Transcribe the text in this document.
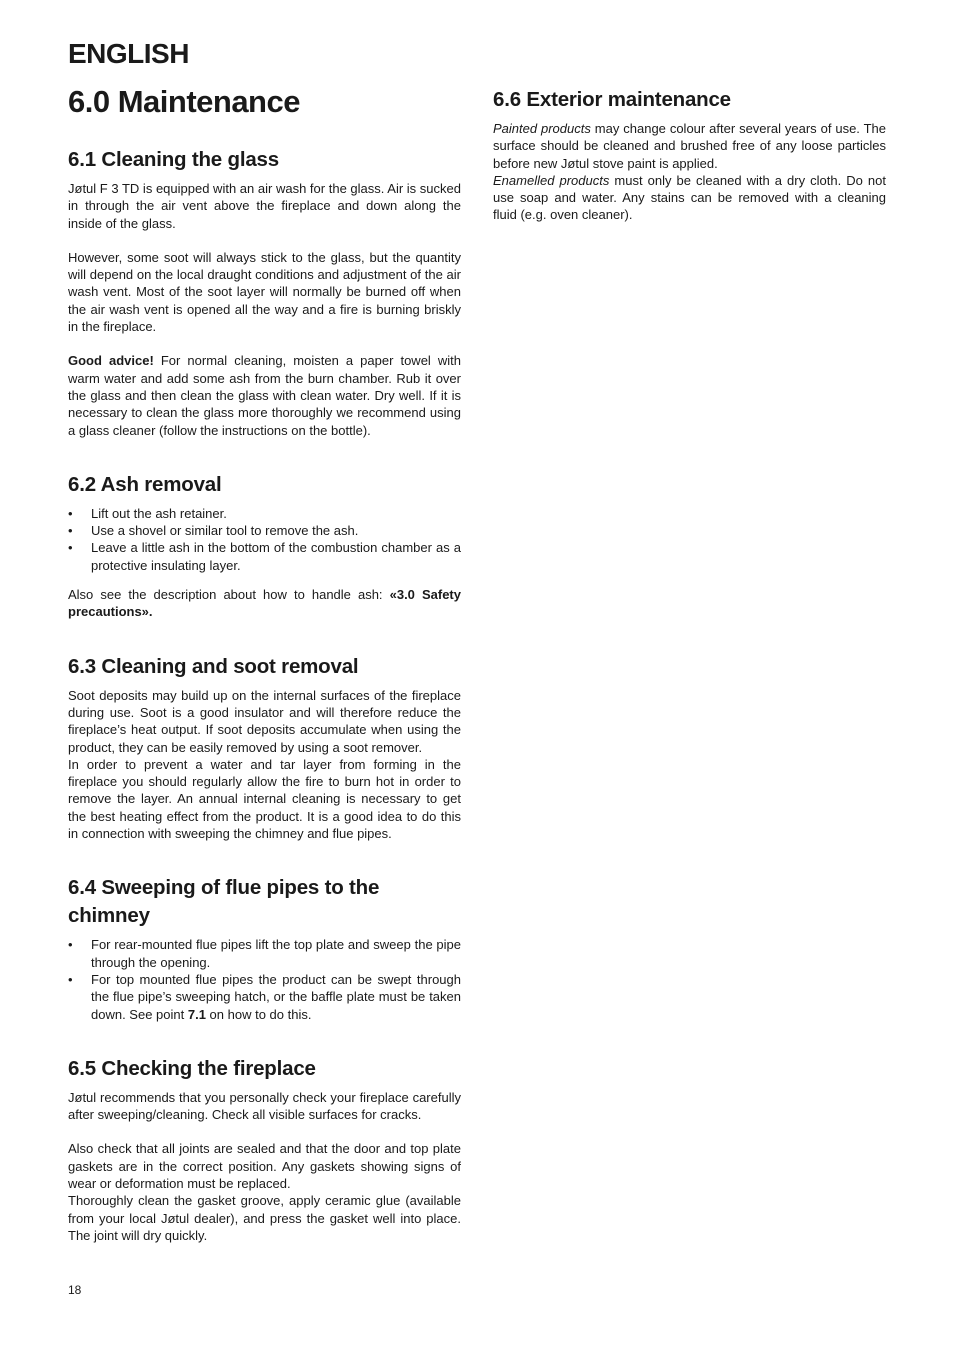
ENGLISH
6.0 Maintenance
6.1 Cleaning the glass

Jøtul F 3 TD is equipped with an air wash for the glass. Air is sucked in through the air vent above the fireplace and down along the inside of the glass.

However, some soot will always stick to the glass, but the quantity will depend on the local draught conditions and adjustment of the air wash vent. Most of the soot layer will normally be burned off when the air wash vent is opened all the way and a fire is burning briskly in the fireplace.

Good advice! For normal cleaning, moisten a paper towel with warm water and add some ash from the burn chamber. Rub it over the glass and then clean the glass with clean water. Dry well. If it is necessary to clean the glass more thoroughly we recommend using a glass cleaner (follow the instructions on the bottle).

6.2 Ash removal
• Lift out the ash retainer.
• Use a shovel or similar tool to remove the ash.
• Leave a little ash in the bottom of the combustion chamber as a protective insulating layer.

Also see the description about how to handle ash: «3.0 Safety precautions».

6.3 Cleaning and soot removal

Soot deposits may build up on the internal surfaces of the fireplace during use. Soot is a good insulator and will therefore reduce the fireplace’s heat output. If soot deposits accumulate when using the product, they can be easily removed by using a soot remover.

In order to prevent a water and tar layer from forming in the fireplace you should regularly allow the fire to burn hot in order to remove the layer. An annual internal cleaning is necessary to get the best heating effect from the product. It is a good idea to do this in connection with sweeping the chimney and flue pipes.

6.4 Sweeping of flue pipes to the chimney
• For rear-mounted flue pipes lift the top plate and sweep the pipe through the opening.
• For top mounted flue pipes the product can be swept through the flue pipe’s sweeping hatch, or the baffle plate must be taken down. See point 7.1 on how to do this.
6.5 Checking the fireplace

Jøtul recommends that you personally check your fireplace carefully after sweeping/cleaning. Check all visible surfaces for cracks.

Also check that all joints are sealed and that the door and top plate gaskets are in the correct position. Any gaskets showing signs of wear or deformation must be replaced.

Thoroughly clean the gasket groove, apply ceramic glue (available from your local Jøtul dealer), and press the gasket well into place. The joint will dry quickly.

6.6 Exterior maintenance

Painted products may change colour after several years of use. The surface should be cleaned and brushed free of any loose particles before new Jøtul stove paint is applied.

Enamelled products must only be cleaned with a dry cloth. Do not use soap and water. Any stains can be removed with a cleaning fluid (e.g. oven cleaner).

18
